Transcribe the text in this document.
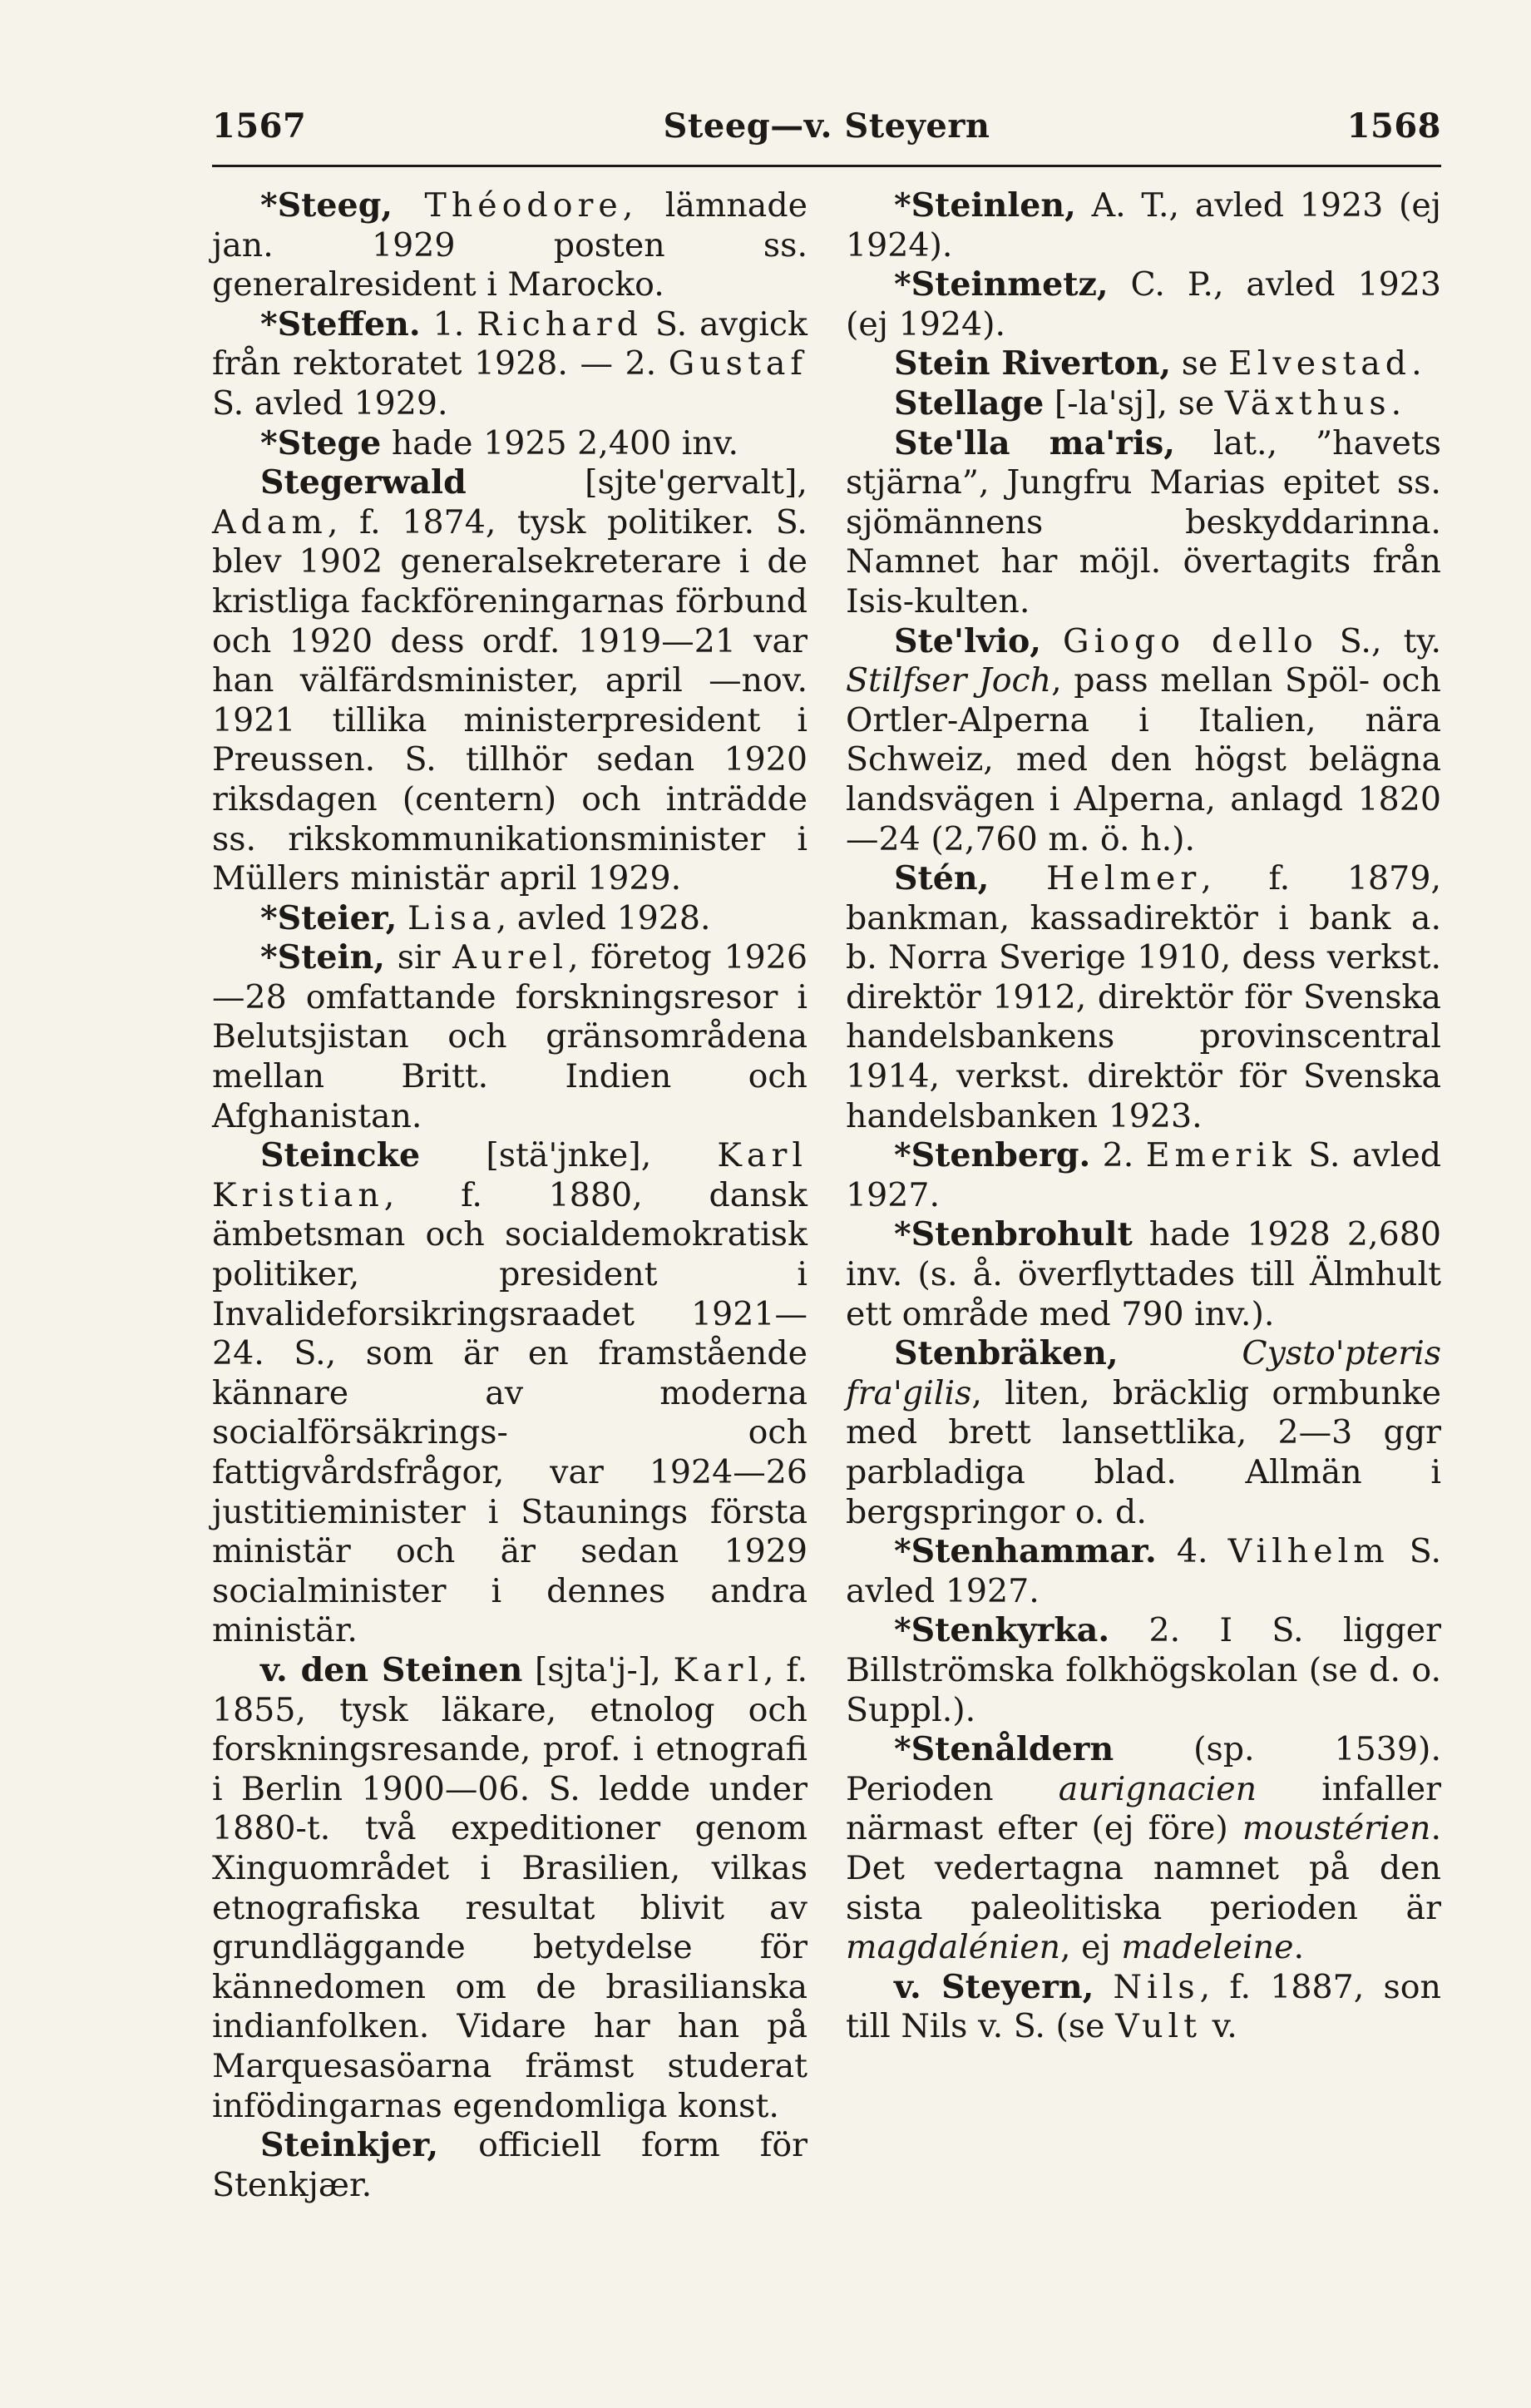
1567	Steeg—v. Steyern	1568

*Steeg, Théodore, lämnade jan. 1929 posten ss. generalresident i Marocko.

*Steffen. 1. Richard S. avgick från rektoratet 1928. — 2. Gustaf S. avled 1929.

*Stege hade 1925 2,400 inv.

Stegerwald [sjte'gervalt], Adam, f. 1874, tysk politiker. S. blev 1902 generalsekreterare i de kristliga fackföreningarnas förbund och 1920 dess ordf. 1919—21 var han välfärdsminister, april —nov. 1921 tillika ministerpresident i Preussen. S. tillhör sedan 1920 riksdagen (centern) och inträdde ss. rikskommunikationsminister i Müllers ministär april 1929.

*Steier, Lisa, avled 1928.

*Stein, sir Aurel, företog 1926—28 omfattande forskningsresor i Belutsjistan och gränsområdena mellan Britt. Indien och Afghanistan.

Steincke [stä'jnke], Karl Kristian, f. 1880, dansk ämbetsman och socialdemokratisk politiker, president i Invalideforsikringsraadet 1921—24. S., som är en framstående kännare av moderna socialförsäkrings- och fattigvårdsfrågor, var 1924—26 justitieminister i Staunings första ministär och är sedan 1929 socialminister i dennes andra ministär.

v. den Steinen [sjta'j-], Karl, f. 1855, tysk läkare, etnolog och forskningsresande, prof. i etnografi i Berlin 1900—06. S. ledde under 1880-t. två expeditioner genom Xinguområdet i Brasilien, vilkas etnografiska resultat blivit av grundläggande betydelse för kännedomen om de brasilianska indianfolken. Vidare har han på Marquesasöarna främst studerat infödingarnas egendomliga konst.

Steinkjer, officiell form för Stenkjær.

*Steinlen, A. T., avled 1923 (ej 1924).

*Steinmetz, C. P., avled 1923 (ej 1924).

Stein Riverton, se Elvestad.

Stellage [-la'sj], se Växthus.

Ste'lla ma'ris, lat., ”havets stjärna”, Jungfru Marias epitet ss. sjömännens beskyddarinna. Namnet har möjl. övertagits från Isis-kulten.

Ste'lvio, Giogo dello S., ty. Stilfser Joch, pass mellan Spöl- och Ortler-Alperna i Italien, nära Schweiz, med den högst belägna landsvägen i Alperna, anlagd 1820—24 (2,760 m. ö. h.).

Stén, Helmer, f. 1879, bankman, kassadirektör i bank a. b. Norra Sverige 1910, dess verkst. direktör 1912, direktör för Svenska handelsbankens provinscentral 1914, verkst. direktör för Svenska handelsbanken 1923.

*Stenberg. 2. Emerik S. avled 1927.

*Stenbrohult hade 1928 2,680 inv. (s. å. överflyttades till Älmhult ett område med 790 inv.).

Stenbräken,	Cysto'pteris fra'gilis, liten, bräcklig ormbunke med brett lansettlika, 2—3 ggr parbladiga blad. Allmän i bergspringor o. d.

*Stenhammar. 4. Vilhelm S. avled 1927.

*Stenkyrka. 2. I S. ligger Billströmska folkhögskolan (se d. o. Suppl.).

*Stenåldern (sp. 1539). Perioden aurignacien infaller närmast efter (ej före) moustérien. Det vedertagna namnet på den sista paleolitiska perioden är magdalénien, ej madeleine.

v. Steyern, Nils, f. 1887, son till Nils v. S. (se Vult v.
